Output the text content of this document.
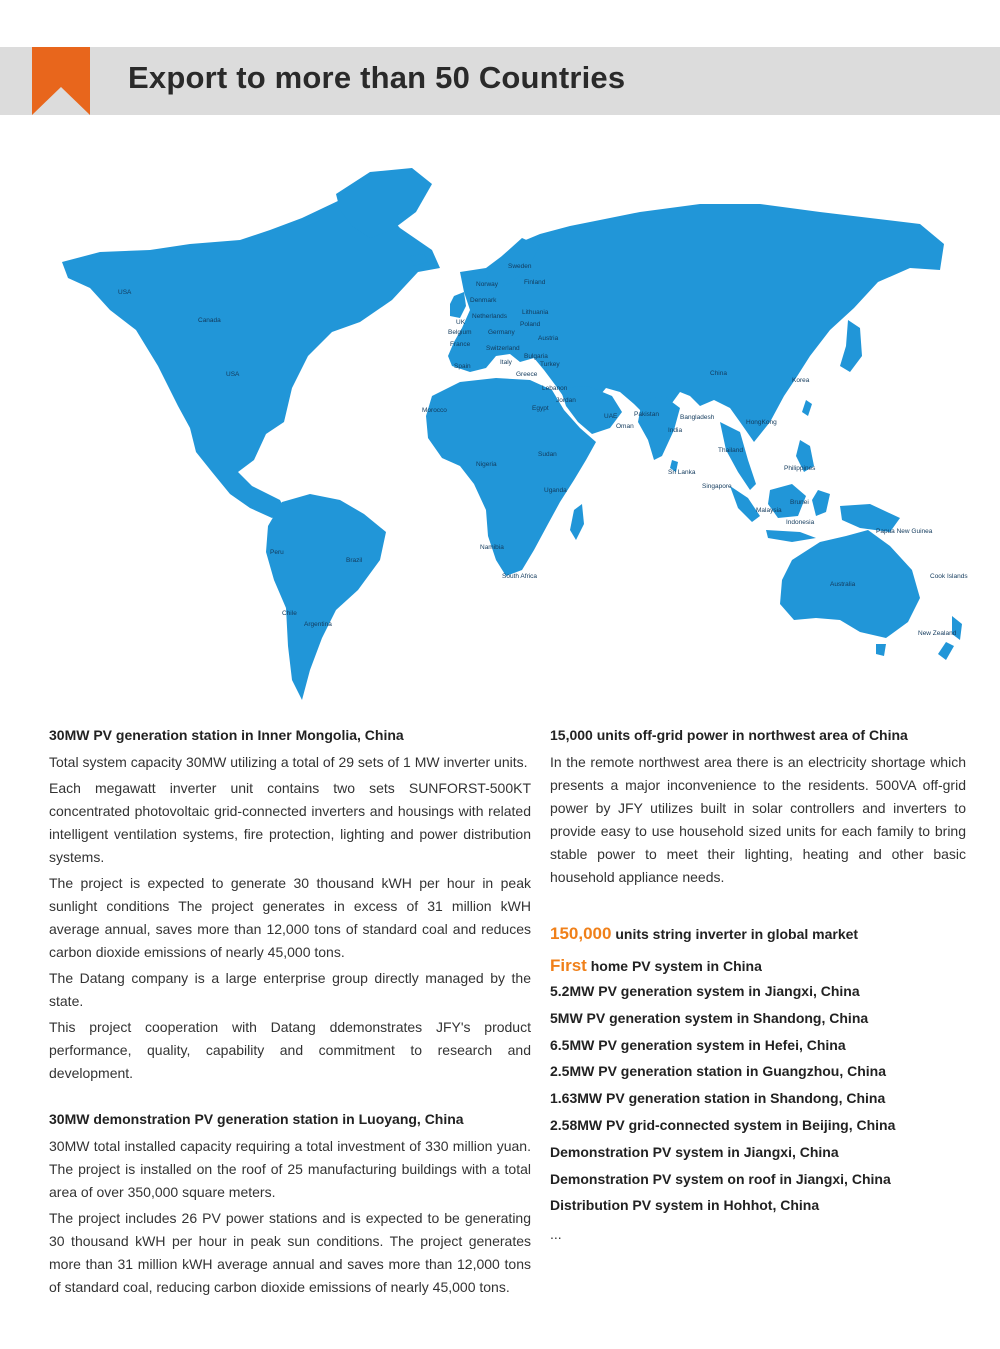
Export to more than 50 Countries
USA
Canada
USA
Sweden
Norway	Finland
Denmark
Lithuania
Netherlands
Poland
UK
Belgium	Germany
France
Austria
Switzerland
Spain
Italy
Bulgaria
Turkey
Greece
Lebanon
Jordan
Egypt
Morocco
UAE	Pakistan
Oman
Bangladesh
India
HongKong
China
Korea
Thailand
Sudan
Nigeria
Uganda
Sri Lanka
Singapore
Philippines
Brunei
Malaysia
Indonesia
Papua New Guinea
Namibia
South Africa
Peru
Brazil
Chile
Argentina
Australia
Cook Islands
New Zealand
30MW PV generation station in Inner Mongolia, China

Total system capacity 30MW utilizing a total of 29 sets of 1 MW inverter units.

Each megawatt inverter unit contains two sets SUNFORST-500KT concentrated photovoltaic grid-connected inverters and housings with related intelligent ventilation systems, fire protection, lighting and power distribution systems.

The project is expected to generate 30 thousand kWH per hour in peak sunlight conditions The project generates in excess of 31 million kWH average annual, saves more than 12,000 tons of standard coal and reduces carbon dioxide emissions of nearly 45,000 tons.

The Datang company is a large enterprise group directly managed by the state.

This project cooperation with Datang ddemonstrates JFY's product performance, quality, capability and commitment to research and development.

30MW demonstration PV generation station in Luoyang, China

30MW total installed capacity requiring a total investment of 330 million yuan. The project is installed on the roof of 25 manufacturing buildings with a total area of over 350,000 square meters.

The project includes 26 PV power stations and is expected to be generating 30 thousand kWH per hour in peak sun conditions. The project generates more than 31 million kWH average annual and saves more than 12,000 tons of standard coal, reducing carbon dioxide emissions of nearly 45,000 tons.

15,000 units off-grid power in northwest area of China

In the remote northwest area there is an electricity shortage which presents a major inconvenience to the residents. 500VA off-grid power by JFY utilizes built in solar controllers and inverters to provide easy to use household sized units for each family to bring stable power to meet their lighting, heating and other basic household appliance needs.

150,000 units string inverter in global market
First home PV system in China
5.2MW PV generation system in Jiangxi, China
5MW PV generation system in Shandong, China
6.5MW PV generation system in Hefei, China
2.5MW PV generation station in Guangzhou, China
1.63MW PV generation station in Shandong, China
2.58MW PV grid-connected system in Beijing, China
Demonstration PV system in Jiangxi, China
Demonstration PV system on roof in Jiangxi, China
Distribution PV system in Hohhot, China
...
